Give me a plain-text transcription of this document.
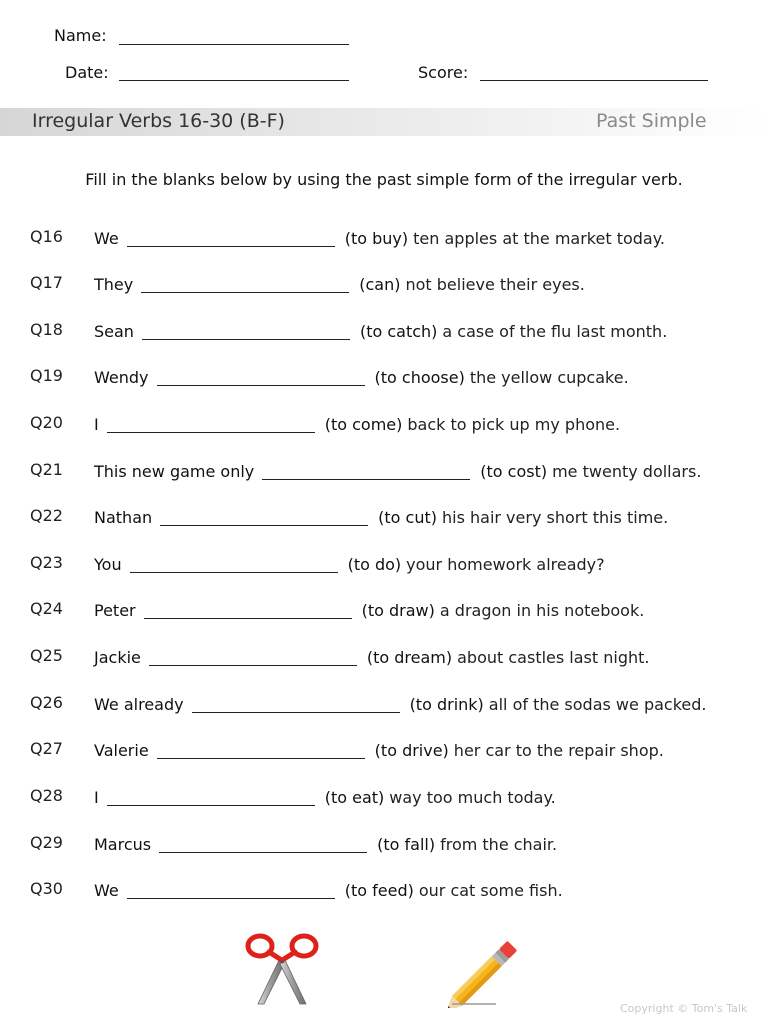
Name:
Date:	Score:
Irregular Verbs 16-30 (B-F)	Past Simple
Fill in the blanks below by using the past simple form of the irregular verb.
Q16 We	(to buy) ten apples at the market today.
Q17 They	(can) not believe their eyes.
Q18 Sean	(to catch) a case of the flu last month.
Q19 Wendy	(to choose) the yellow cupcake.
Q20 I	(to come) back to pick up my phone.
Q21 This new game only	(to cost) me twenty dollars.
Q22 Nathan	(to cut) his hair very short this time.
Q23 You	(to do) your homework already?
Q24 Peter	(to draw) a dragon in his notebook.
Q25 Jackie	(to dream) about castles last night.
Q26 We already	(to drink) all of the sodas we packed.
Q27 Valerie	(to drive) her car to the repair shop.
Q28 I	(to eat) way too much today.
Q29 Marcus	(to fall) from the chair.
Q30 We	(to feed) our cat some fish.
Copyright © Tom's Talk
